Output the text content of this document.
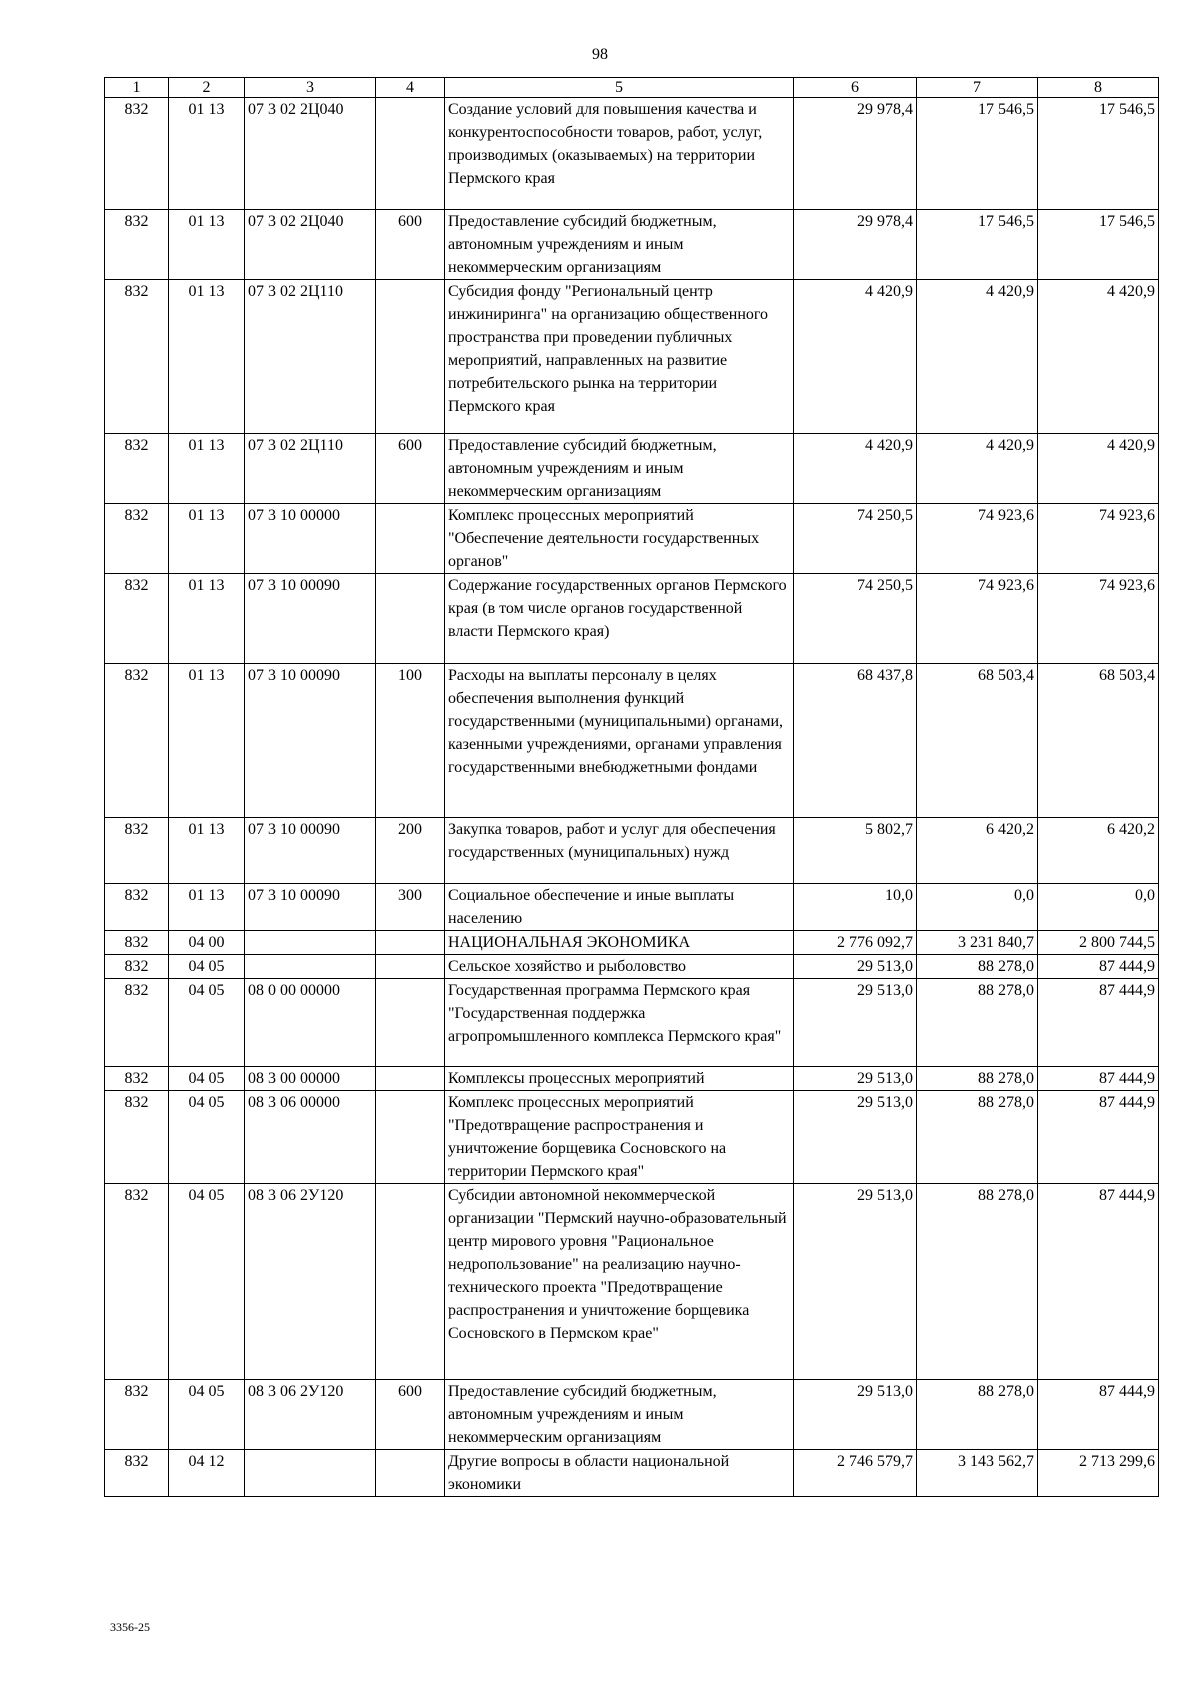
98
1	2	3	4	5	6	7	8
832	01 13	07 3 02 2Ц040		Создание условий для повышения качества и конкурентоспособности товаров, работ, услуг, производимых (оказываемых) на территории Пермского края	29 978,4	17 546,5	17 546,5
832	01 13	07 3 02 2Ц040	600	Предоставление субсидий бюджетным, автономным учреждениям и иным некоммерческим организациям	29 978,4	17 546,5	17 546,5
832	01 13	07 3 02 2Ц110		Субсидия фонду "Региональный центр инжиниринга" на организацию общественного пространства при проведении публичных мероприятий, направленных на развитие потребительского рынка на территории Пермского края	4 420,9	4 420,9	4 420,9
832	01 13	07 3 02 2Ц110	600	Предоставление субсидий бюджетным, автономным учреждениям и иным некоммерческим организациям	4 420,9	4 420,9	4 420,9
832	01 13	07 3 10 00000		Комплекс процессных мероприятий "Обеспечение деятельности государственных органов"	74 250,5	74 923,6	74 923,6
832	01 13	07 3 10 00090		Содержание государственных органов Пермского края (в том числе органов государственной власти Пермского края)	74 250,5	74 923,6	74 923,6
832	01 13	07 3 10 00090	100	Расходы на выплаты персоналу в целях обеспечения выполнения функций государственными (муниципальными) органами, казенными учреждениями, органами управления государственными внебюджетными фондами	68 437,8	68 503,4	68 503,4
832	01 13	07 3 10 00090	200	Закупка товаров, работ и услуг для обеспечения государственных (муниципальных) нужд	5 802,7	6 420,2	6 420,2
832	01 13	07 3 10 00090	300	Социальное обеспечение и иные выплаты населению	10,0	0,0	0,0
832	04 00			НАЦИОНАЛЬНАЯ ЭКОНОМИКА	2 776 092,7	3 231 840,7	2 800 744,5
832	04 05			Сельское хозяйство и рыболовство	29 513,0	88 278,0	87 444,9
832	04 05	08 0 00 00000		Государственная программа Пермского края "Государственная поддержка агропромышленного комплекса Пермского края"	29 513,0	88 278,0	87 444,9
832	04 05	08 3 00 00000		Комплексы процессных мероприятий	29 513,0	88 278,0	87 444,9
832	04 05	08 3 06 00000		Комплекс процессных мероприятий "Предотвращение распространения и уничтожение борщевика Сосновского на территории Пермского края"	29 513,0	88 278,0	87 444,9
832	04 05	08 3 06 2У120		Субсидии автономной некоммерческой организации "Пермский научно-образовательный центр мирового уровня "Рациональное недропользование" на реализацию научно-технического проекта "Предотвращение распространения и уничтожение борщевика Сосновского в Пермском крае"	29 513,0	88 278,0	87 444,9
832	04 05	08 3 06 2У120	600	Предоставление субсидий бюджетным, автономным учреждениям и иным некоммерческим организациям	29 513,0	88 278,0	87 444,9
832	04 12			Другие вопросы в области национальной экономики	2 746 579,7	3 143 562,7	2 713 299,6
3356-25
